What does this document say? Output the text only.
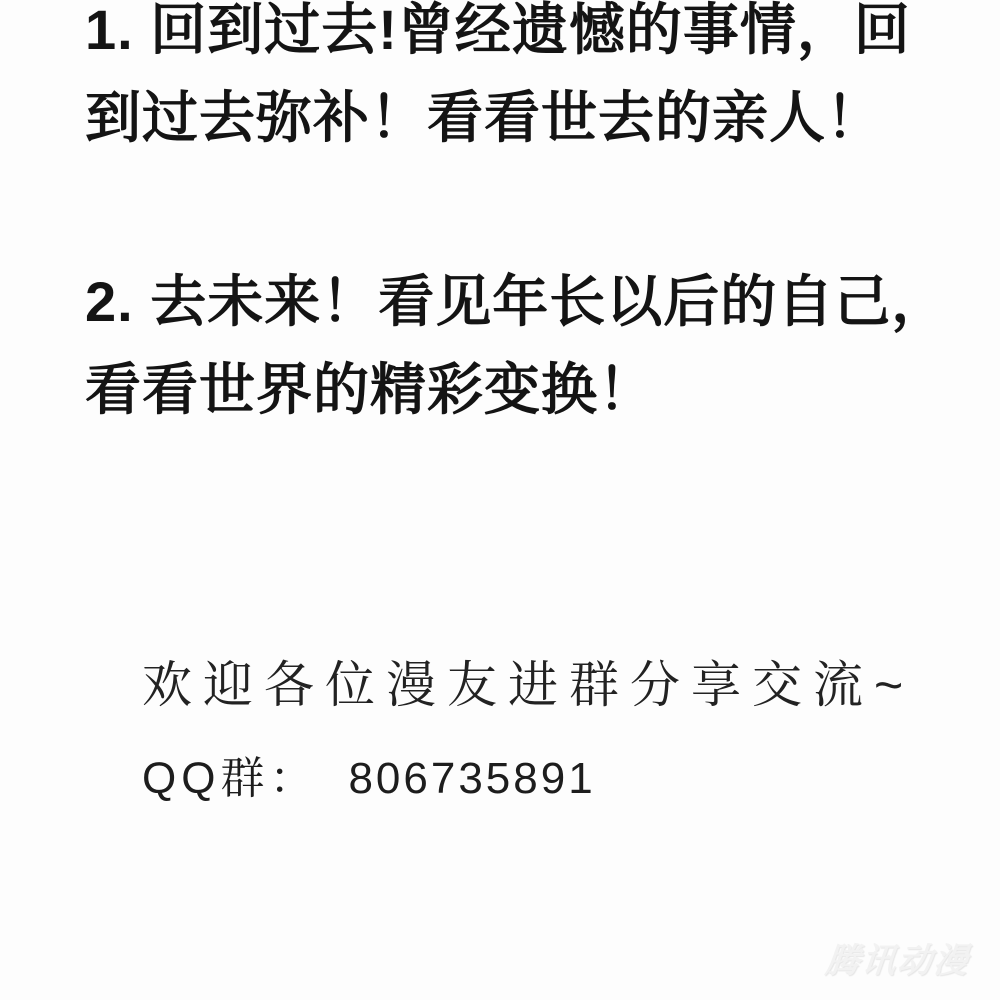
1. 回到过去!曾经遗憾的事情，回
到过去弥补！看看世去的亲人！
2. 去未来！看见年长以后的自己，
看看世界的精彩变换！
欢迎各位漫友进群分享交流~
QQ群： 806735891
腾讯动漫
